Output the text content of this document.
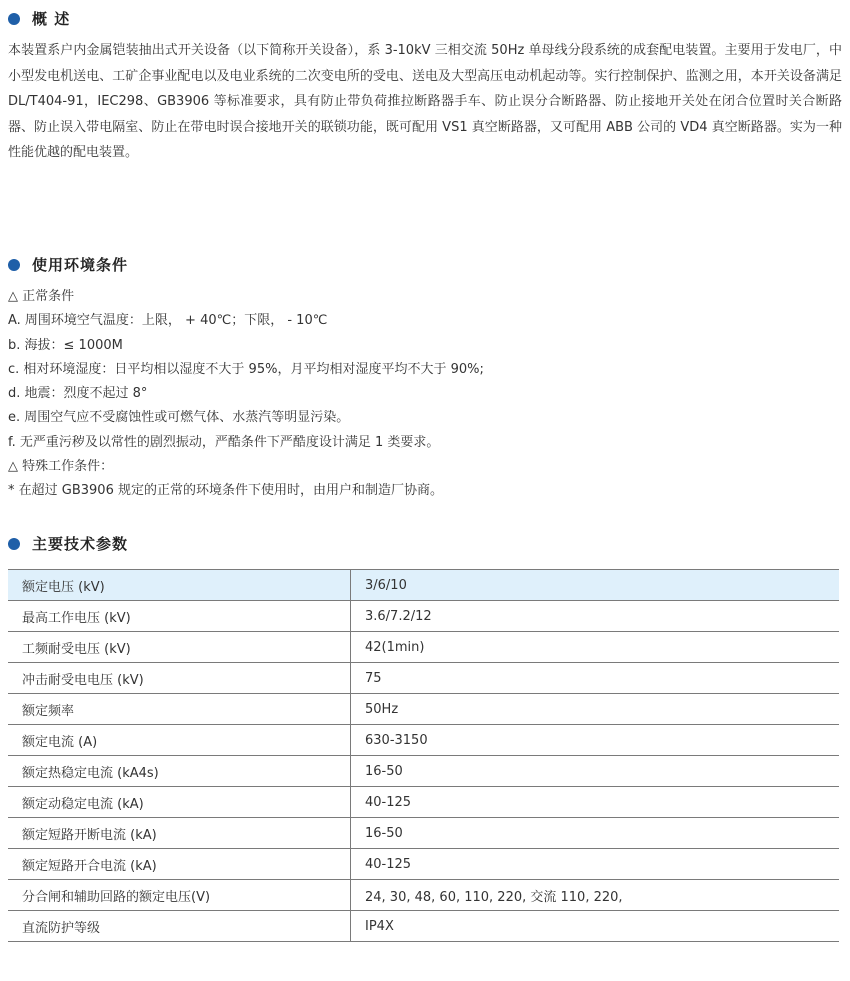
概 述

本装置系户内金属铠装抽出式开关设备（以下简称开关设备），系 3-10kV 三相交流 50Hz 单母线分段系统的成套配电装置。主要用于发电厂，中小型发电机送电、工矿企事业配电以及电业系统的二次变电所的受电、送电及大型高压电动机起动等。实行控制保护、监测之用，本开关设备满足 DL/T404-91，IEC298、GB3906 等标准要求，具有防止带负荷推拉断路器手车、防止误分合断路器、防止接地开关处在闭合位置时关合断路器、防止误入带电隔室、防止在带电时误合接地开关的联锁功能，既可配用 VS1 真空断路器，又可配用 ABB 公司的 VD4 真空断路器。实为一种性能优越的配电装置。

使用环境条件
△ 正常条件
A. 周围环境空气温度：上限， + 40℃；下限， - 10℃
b. 海拔：≤ 1000M
c. 相对环境湿度：日平均相以湿度不大于 95%，月平均相对湿度平均不大于 90%;
d. 地震：烈度不起过 8°
e. 周围空气应不受腐蚀性或可燃气体、水蒸汽等明显污染。
f. 无严重污秽及以常性的剧烈振动，严酷条件下严酷度设计满足 1 类要求。
△ 特殊工作条件：
* 在超过 GB3906 规定的正常的环境条件下使用时，由用户和制造厂协商。
主要技术参数
额定电压 (kV)	3/6/10
最高工作电压 (kV)	3.6/7.2/12
工频耐受电压 (kV)	42(1min)
冲击耐受电电压 (kV)	75
额定频率	50Hz
额定电流 (A)	630-3150
额定热稳定电流 (kA4s)	16-50
额定动稳定电流 (kA)	40-125
额定短路开断电流 (kA)	16-50
额定短路开合电流 (kA)	40-125
分合闸和辅助回路的额定电压(V)	24, 30, 48, 60, 110, 220, 交流 110, 220,
直流防护等级	IP4X
